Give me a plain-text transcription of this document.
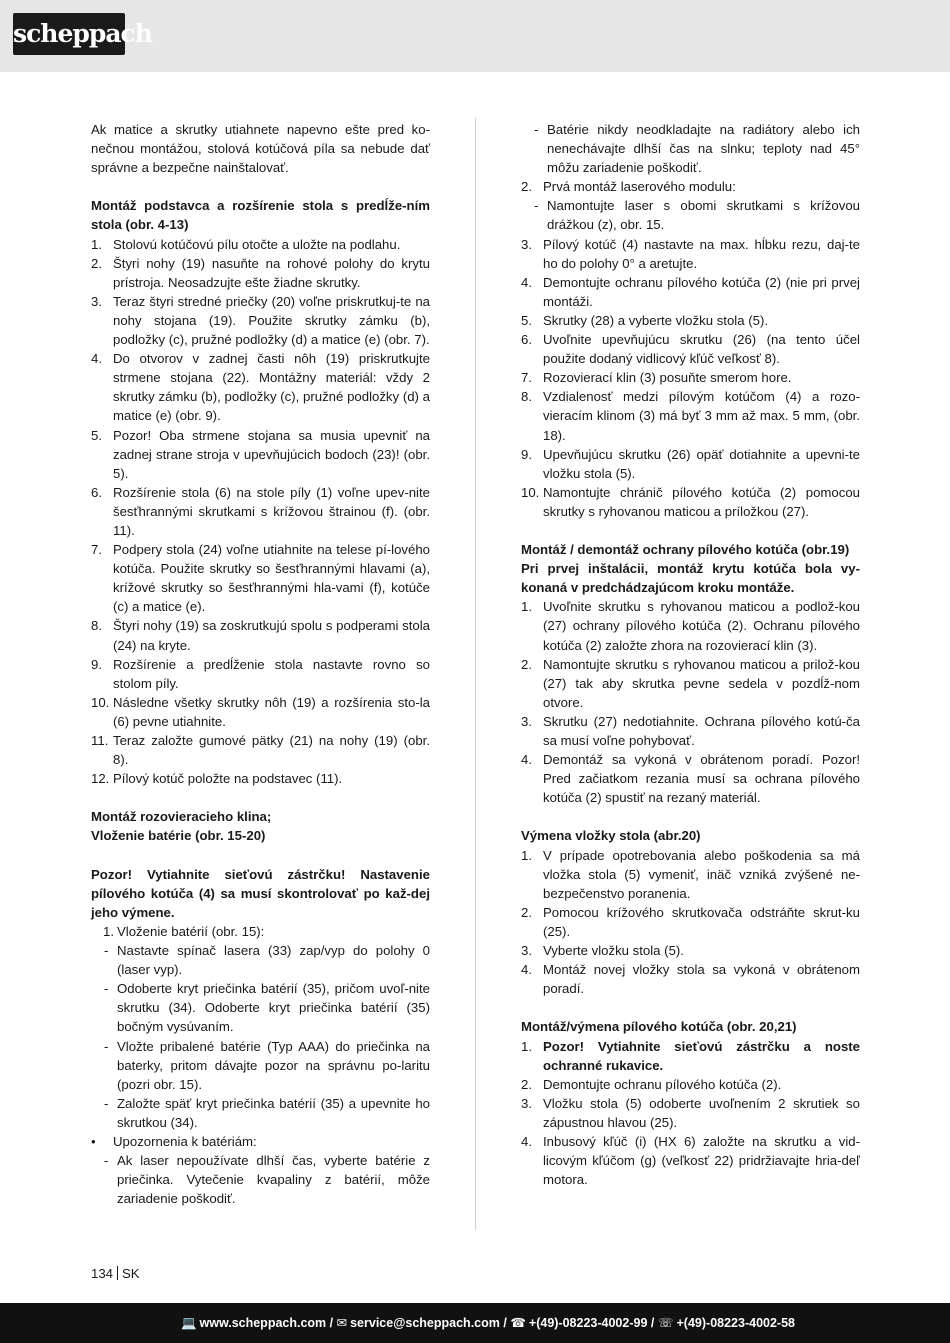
scheppach

Ak matice a skrutky utiahnete napevno ešte pred ko-nečnou montážou, stolová kotúčová píla sa nebude dať správne a bezpečne nainštalovať.

Montáž podstavca a rozšírenie stola s predĺže-ním stola (obr. 4-13)

1. Stolovú kotúčovú pílu otočte a uložte na podlahu.
2. Štyri nohy (19) nasuňte na rohové polohy do krytu prístroja. Neosadzujte ešte žiadne skrutky.
3. Teraz štyri stredné priečky (20) voľne priskrutkuj-te na nohy stojana (19). Použite skrutky zámku (b), podložky (c), pružné podložky (d) a matice (e) (obr. 7).
4. Do otvorov v zadnej časti nôh (19) priskrutkujte strmene stojana (22). Montážny materiál: vždy 2 skrutky zámku (b), podložky (c), pružné podložky (d) a matice (e) (obr. 9).
5. Pozor! Oba strmene stojana sa musia upevniť na zadnej strane stroja v upevňujúcich bodoch (23)! (obr. 5).
6. Rozšírenie stola (6) na stole píly (1) voľne upev-nite šesťhrannými skrutkami s krížovou štrainou (f). (obr. 11).
7. Podpery stola (24) voľne utiahnite na telese pí-lového kotúča. Použite skrutky so šesťhrannými hlavami (a), krížové skrutky so šesťhrannými hla-vami (f), kotúče (c) a matice (e).
8. Štyri nohy (19) sa zoskrutkujú spolu s podperami stola (24) na kryte.
9. Rozšírenie a predĺženie stola nastavte rovno so stolom píly.
10. Následne všetky skrutky nôh (19) a rozšírenia sto-la (6) pevne utiahnite.
11. Teraz založte gumové pätky (21) na nohy (19) (obr. 8).
12. Pílový kotúč položte na podstavec (11).

Montáž rozovieracieho klina;

Vloženie batérie (obr. 15-20)

Pozor! Vytiahnite sieťovú zástrčku! Nastavenie pílového kotúča (4) sa musí skontrolovať po kaž-dej jeho výmene.

1. Vloženie batérií (obr. 15):
- Nastavte spínač lasera (33) zap/vyp do polohy 0 (laser vyp).
- Odoberte kryt priečinka batérií (35), pričom uvoľ-nite skrutku (34). Odoberte kryt priečinka batérií (35) bočným vysúvaním.
- Vložte pribalené batérie (Typ AAA) do priečinka na baterky, pritom dávajte pozor na správnu po-laritu (pozri obr. 15).
- Založte späť kryt priečinka batérií (35) a upevnite ho skrutkou (34).
•	Upozornenia k batériám:
- Ak laser nepoužívate dlhší čas, vyberte batérie z priečinka. Vytečenie kvapaliny z batérií, môže zariadenie poškodiť.
- Batérie nikdy neodkladajte na radiátory alebo ich nenechávajte dlhší čas na slnku; teploty nad 45° môžu zariadenie poškodiť.
2. Prvá montáž laserového modulu:
- Namontujte laser s obomi skrutkami s krížovou drážkou (z), obr. 15.
3. Pílový kotúč (4) nastavte na max. hĺbku rezu, daj-te ho do polohy 0° a aretujte.
4. Demontujte ochranu pílového kotúča (2) (nie pri prvej montáži.
5. Skrutky (28) a vyberte vložku stola (5).
6. Uvoľnite upevňujúcu skrutku (26) (na tento účel použite dodaný vidlicový kľúč veľkosť 8).
7. Rozovierací klin (3) posuňte smerom hore.
8. Vzdialenosť medzi pílovým kotúčom (4) a rozo-vieracím klinom (3) má byť 3 mm až max. 5 mm, (obr. 18).
9. Upevňujúcu skrutku (26) opäť dotiahnite a upevni-te vložku stola (5).
10. Namontujte chránič pílového kotúča (2) pomocou skrutky s ryhovanou maticou a príložkou (27).

Montáž / demontáž ochrany pílového kotúča (obr.19)

Pri prvej inštalácii, montáž krytu kotúča bola vy-konaná v predchádzajúcom kroku montáže.

1. Uvoľnite skrutku s ryhovanou maticou a podlož-kou (27) ochrany pílového kotúča (2). Ochranu pílového kotúča (2) založte zhora na rozovierací klin (3).
2. Namontujte skrutku s ryhovanou maticou a prilož-kou (27) tak aby skrutka pevne sedela v pozdĺž-nom otvore.
3. Skrutku (27) nedotiahnite. Ochrana pílového kotú-ča sa musí voľne pohybovať.
4. Demontáž sa vykoná v obrátenom poradí. Pozor! Pred začiatkom rezania musí sa ochrana pílového kotúča (2) spustiť na rezaný materiál.

Výmena vložky stola (abr.20)

1. V prípade opotrebovania alebo poškodenia sa má vložka stola (5) vymeniť, inäč vzniká zvýšené ne-bezpečenstvo poranenia.
2. Pomocou krížového skrutkovača odstráňte skrut-ku (25).
3. Vyberte vložku stola (5).
4. Montáž novej vložky stola sa vykoná v obrátenom poradí.

Montáž/výmena pílového kotúča (obr. 20,21)

1. Pozor! Vytiahnite sieťovú zástrčku a noste ochranné rukavice.
2. Demontujte ochranu pílového kotúča (2).
3. Vložku stola (5) odoberte uvoľnením 2 skrutiek so zápustnou hlavou (25).
4. Inbusový kľúč (i) (HX 6) založte na skrutku a vid-licovým kľúčom (g) (veľkosť 22) pridržiavajte hria-deľ motora.
134 SK
💻 www.scheppach.com / ✉ service@scheppach.com / ☎ +(49)-08223-4002-99 / ☏ +(49)-08223-4002-58
